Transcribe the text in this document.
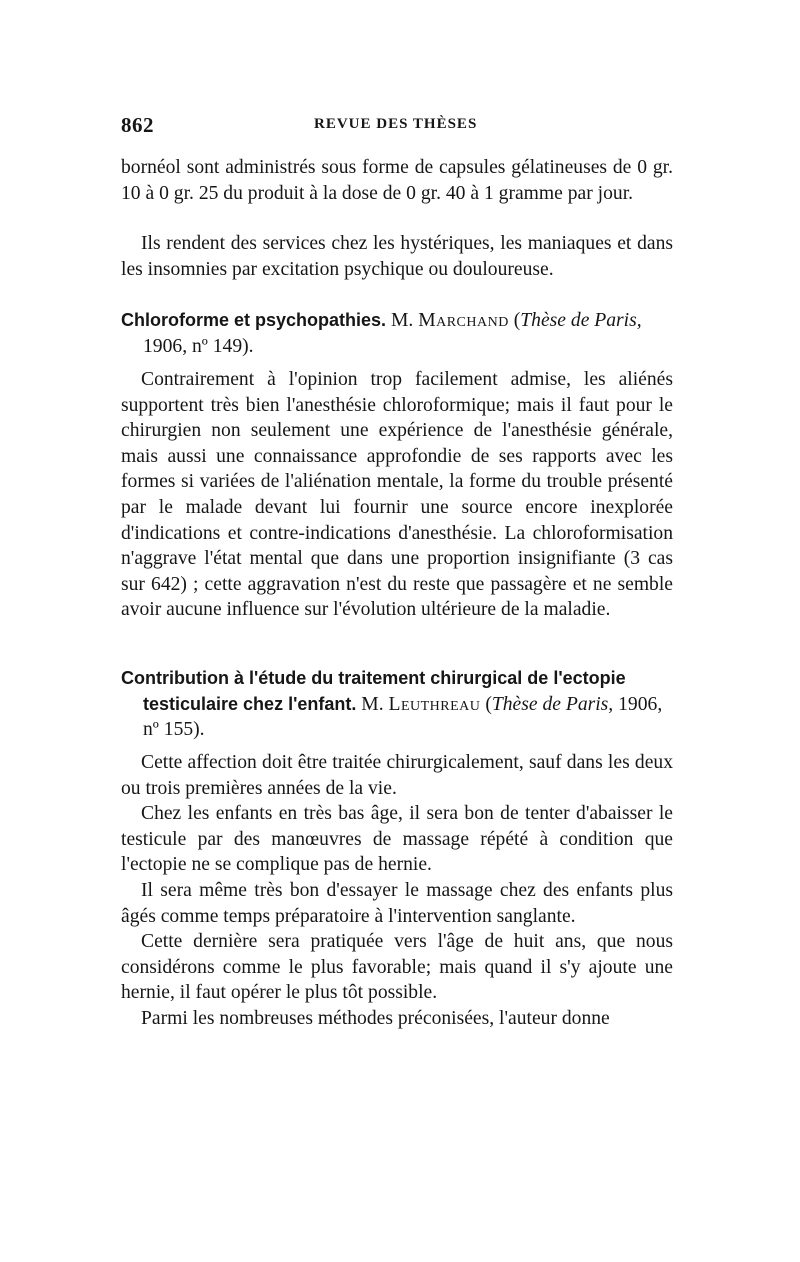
862	REVUE DES THÈSES

bornéol sont administrés sous forme de capsules gélatineuses de 0 gr. 10 à 0 gr. 25 du produit à la dose de 0 gr. 40 à 1 gramme par jour.

Ils rendent des services chez les hystériques, les maniaques et dans les insomnies par excitation psychique ou douloureuse.

Chloroforme et psychopathies. M. Marchand (Thèse de Paris, 1906, nº 149).

Contrairement à l'opinion trop facilement admise, les aliénés supportent très bien l'anesthésie chloroformique; mais il faut pour le chirurgien non seulement une expérience de l'anesthésie générale, mais aussi une connaissance approfondie de ses rapports avec les formes si variées de l'aliénation mentale, la forme du trouble présenté par le malade devant lui fournir une source encore inexplorée d'indications et contre-indications d'anesthésie. La chloroformisation n'aggrave l'état mental que dans une proportion insignifiante (3 cas sur 642) ; cette aggravation n'est du reste que passagère et ne semble avoir aucune influence sur l'évolution ultérieure de la maladie.

Contribution à l'étude du traitement chirurgical de l'ectopie testiculaire chez l'enfant. M. Leuthreau (Thèse de Paris, 1906, nº 155).

Cette affection doit être traitée chirurgicalement, sauf dans les deux ou trois premières années de la vie.

Chez les enfants en très bas âge, il sera bon de tenter d'abaisser le testicule par des manœuvres de massage répété à condition que l'ectopie ne se complique pas de hernie.

Il sera même très bon d'essayer le massage chez des enfants plus âgés comme temps préparatoire à l'intervention sanglante.

Cette dernière sera pratiquée vers l'âge de huit ans, que nous considérons comme le plus favorable; mais quand il s'y ajoute une hernie, il faut opérer le plus tôt possible.

Parmi les nombreuses méthodes préconisées, l'auteur donne
